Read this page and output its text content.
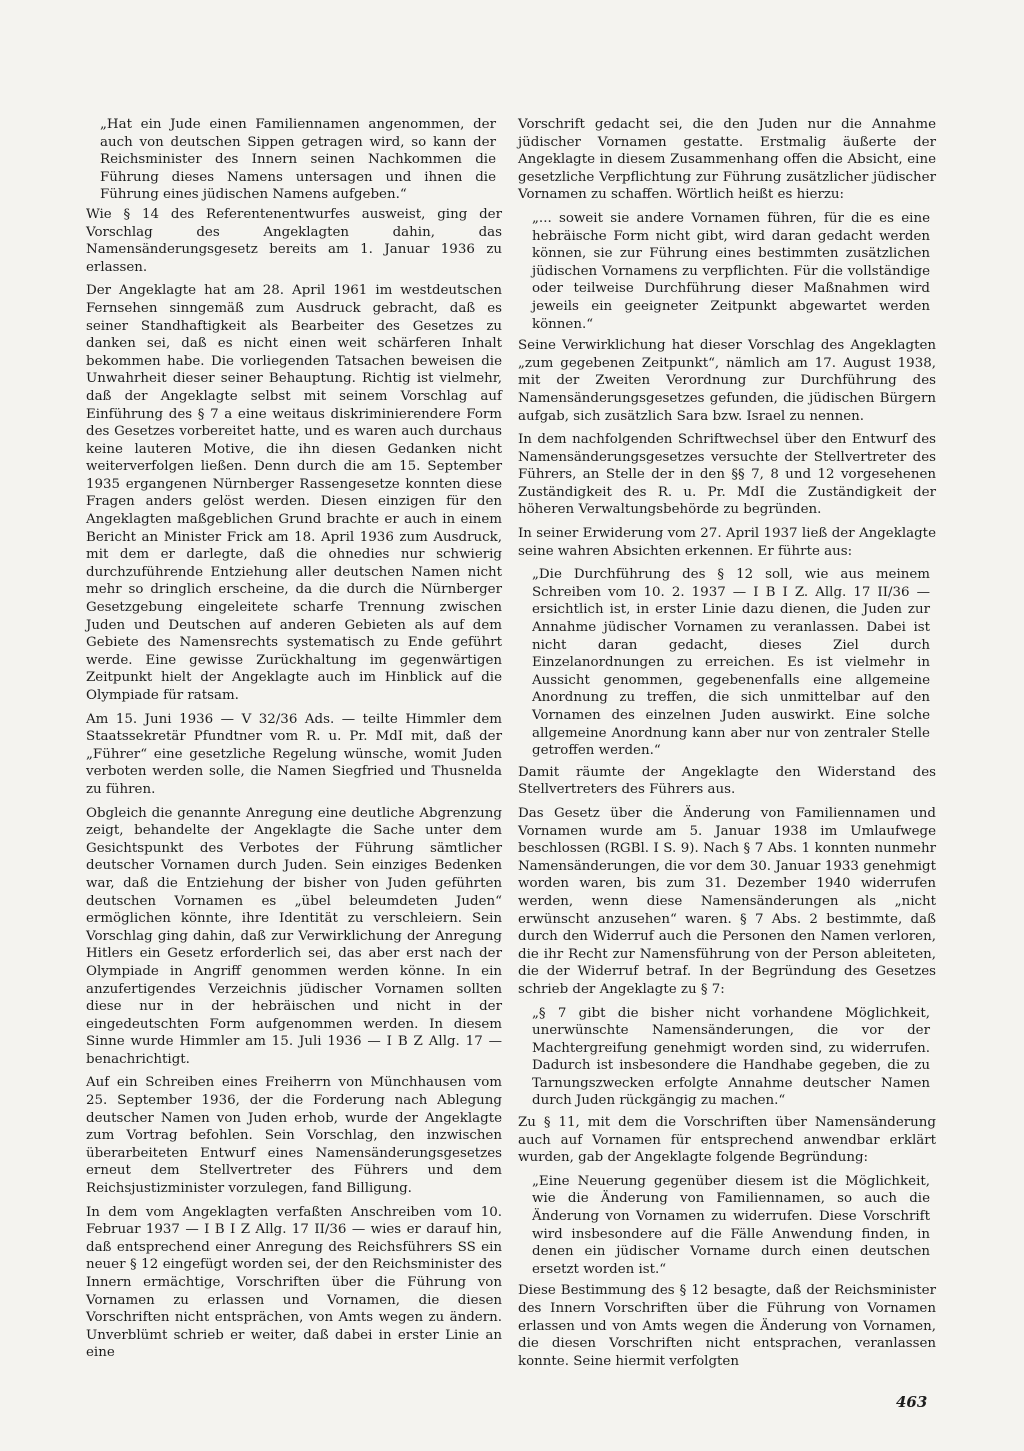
„Hat ein Jude einen Familiennamen angenommen, der auch von deutschen Sippen getragen wird, so kann der Reichsminister des Innern seinen Nachkommen die Führung dieses Namens untersagen und ihnen die Führung eines jüdischen Namens aufgeben.“

Wie § 14 des Referentenentwurfes ausweist, ging der Vorschlag des Angeklagten dahin, das Namensänderungsgesetz bereits am 1. Januar 1936 zu erlassen.

Der Angeklagte hat am 28. April 1961 im westdeutschen Fernsehen sinngemäß zum Ausdruck gebracht, daß es seiner Standhaftigkeit als Bearbeiter des Gesetzes zu danken sei, daß es nicht einen weit schärferen Inhalt bekommen habe. Die vorliegenden Tatsachen beweisen die Unwahrheit dieser seiner Behauptung. Richtig ist vielmehr, daß der Angeklagte selbst mit seinem Vorschlag auf Einführung des § 7 a eine weitaus diskriminierendere Form des Gesetzes vorbereitet hatte, und es waren auch durchaus keine lauteren Motive, die ihn diesen Gedanken nicht weiterverfolgen ließen. Denn durch die am 15. September 1935 ergangenen Nürnberger Rassengesetze konnten diese Fragen anders gelöst werden. Diesen einzigen für den Angeklagten maßgeblichen Grund brachte er auch in einem Bericht an Minister Frick am 18. April 1936 zum Ausdruck, mit dem er darlegte, daß die ohnedies nur schwierig durchzuführende Entziehung aller deutschen Namen nicht mehr so dringlich erscheine, da die durch die Nürnberger Gesetzgebung eingeleitete scharfe Trennung zwischen Juden und Deutschen auf anderen Gebieten als auf dem Gebiete des Namensrechts systematisch zu Ende geführt werde. Eine gewisse Zurückhaltung im gegenwärtigen Zeitpunkt hielt der Angeklagte auch im Hinblick auf die Olympiade für ratsam.

Am 15. Juni 1936 — V 32/36 Ads. — teilte Himmler dem Staatssekretär Pfundtner vom R. u. Pr. MdI mit, daß der „Führer“ eine gesetzliche Regelung wünsche, womit Juden verboten werden solle, die Namen Siegfried und Thusnelda zu führen.

Obgleich die genannte Anregung eine deutliche Abgrenzung zeigt, behandelte der Angeklagte die Sache unter dem Gesichtspunkt des Verbotes der Führung sämtlicher deutscher Vornamen durch Juden. Sein einziges Bedenken war, daß die Entziehung der bisher von Juden geführten deutschen Vornamen es „übel beleumdeten Juden“ ermöglichen könnte, ihre Identität zu verschleiern. Sein Vorschlag ging dahin, daß zur Verwirklichung der Anregung Hitlers ein Gesetz erforderlich sei, das aber erst nach der Olympiade in Angriff genommen werden könne. In ein anzufertigendes Verzeichnis jüdischer Vornamen sollten diese nur in der hebräischen und nicht in der eingedeutschten Form aufgenommen werden. In diesem Sinne wurde Himmler am 15. Juli 1936 — I B Z Allg. 17 — benachrichtigt.

Auf ein Schreiben eines Freiherrn von Münchhausen vom 25. September 1936, der die Forderung nach Ablegung deutscher Namen von Juden erhob, wurde der Angeklagte zum Vortrag befohlen. Sein Vorschlag, den inzwischen überarbeiteten Entwurf eines Namensänderungsgesetzes erneut dem Stellvertreter des Führers und dem Reichsjustizminister vorzulegen, fand Billigung.

In dem vom Angeklagten verfaßten Anschreiben vom 10. Februar 1937 — I B I Z Allg. 17 II/36 — wies er darauf hin, daß entsprechend einer Anregung des Reichsführers SS ein neuer § 12 eingefügt worden sei, der den Reichsminister des Innern ermächtige, Vorschriften über die Führung von Vornamen zu erlassen und Vornamen, die diesen Vorschriften nicht entsprächen, von Amts wegen zu ändern. Unverblümt schrieb er weiter, daß dabei in erster Linie an eine

Vorschrift gedacht sei, die den Juden nur die Annahme jüdischer Vornamen gestatte. Erstmalig äußerte der Angeklagte in diesem Zusammenhang offen die Absicht, eine gesetzliche Verpflichtung zur Führung zusätzlicher jüdischer Vornamen zu schaffen. Wörtlich heißt es hierzu:

„... soweit sie andere Vornamen führen, für die es eine hebräische Form nicht gibt, wird daran gedacht werden können, sie zur Führung eines bestimmten zusätzlichen jüdischen Vornamens zu verpflichten. Für die vollständige oder teilweise Durchführung dieser Maßnahmen wird jeweils ein geeigneter Zeitpunkt abgewartet werden können.“

Seine Verwirklichung hat dieser Vorschlag des Angeklagten „zum gegebenen Zeitpunkt“, nämlich am 17. August 1938, mit der Zweiten Verordnung zur Durchführung des Namensänderungsgesetzes gefunden, die jüdischen Bürgern aufgab, sich zusätzlich Sara bzw. Israel zu nennen.

In dem nachfolgenden Schriftwechsel über den Entwurf des Namensänderungsgesetzes versuchte der Stellvertreter des Führers, an Stelle der in den §§ 7, 8 und 12 vorgesehenen Zuständigkeit des R. u. Pr. MdI die Zuständigkeit der höheren Verwaltungsbehörde zu begründen.

In seiner Erwiderung vom 27. April 1937 ließ der Angeklagte seine wahren Absichten erkennen. Er führte aus:

„Die Durchführung des § 12 soll, wie aus meinem Schreiben vom 10. 2. 1937 — I B I Z. Allg. 17 II/36 — ersichtlich ist, in erster Linie dazu dienen, die Juden zur Annahme jüdischer Vornamen zu veranlassen. Dabei ist nicht daran gedacht, dieses Ziel durch Einzelanordnungen zu erreichen. Es ist vielmehr in Aussicht genommen, gegebenenfalls eine allgemeine Anordnung zu treffen, die sich unmittelbar auf den Vornamen des einzelnen Juden auswirkt. Eine solche allgemeine Anordnung kann aber nur von zentraler Stelle getroffen werden.“

Damit räumte der Angeklagte den Widerstand des Stellvertreters des Führers aus.

Das Gesetz über die Änderung von Familiennamen und Vornamen wurde am 5. Januar 1938 im Umlaufwege beschlossen (RGBl. I S. 9). Nach § 7 Abs. 1 konnten nunmehr Namensänderungen, die vor dem 30. Januar 1933 genehmigt worden waren, bis zum 31. Dezember 1940 widerrufen werden, wenn diese Namensänderungen als „nicht erwünscht anzusehen“ waren. § 7 Abs. 2 bestimmte, daß durch den Widerruf auch die Personen den Namen verloren, die ihr Recht zur Namensführung von der Person ableiteten, die der Widerruf betraf. In der Begründung des Gesetzes schrieb der Angeklagte zu § 7:

„§ 7 gibt die bisher nicht vorhandene Möglichkeit, unerwünschte Namensänderungen, die vor der Machtergreifung genehmigt worden sind, zu widerrufen. Dadurch ist insbesondere die Handhabe gegeben, die zu Tarnungszwecken erfolgte Annahme deutscher Namen durch Juden rückgängig zu machen.“

Zu § 11, mit dem die Vorschriften über Namensänderung auch auf Vornamen für entsprechend anwendbar erklärt wurden, gab der Angeklagte folgende Begründung:

„Eine Neuerung gegenüber diesem ist die Möglichkeit, wie die Änderung von Familiennamen, so auch die Änderung von Vornamen zu widerrufen. Diese Vorschrift wird insbesondere auf die Fälle Anwendung finden, in denen ein jüdischer Vorname durch einen deutschen ersetzt worden ist.“

Diese Bestimmung des § 12 besagte, daß der Reichsminister des Innern Vorschriften über die Führung von Vornamen erlassen und von Amts wegen die Änderung von Vornamen, die diesen Vorschriften nicht entsprachen, veranlassen konnte. Seine hiermit verfolgten

463
